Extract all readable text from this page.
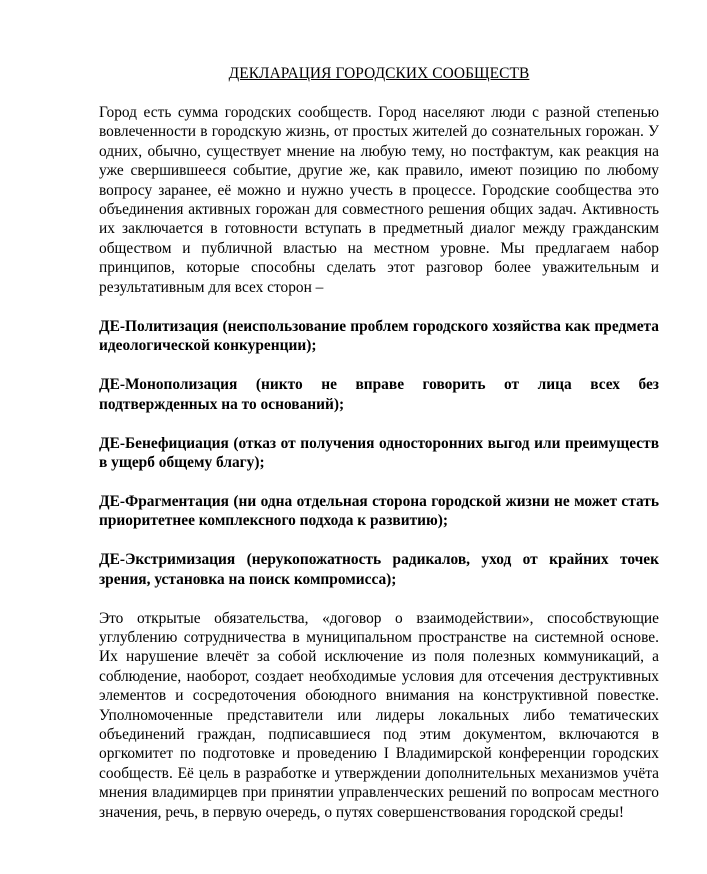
ДЕКЛАРАЦИЯ ГОРОДСКИХ СООБЩЕСТВ

Город есть сумма городских сообществ. Город населяют люди с разной степенью вовлеченности в городскую жизнь, от простых жителей до сознательных горожан. У одних, обычно, существует мнение на любую тему, но постфактум, как реакция на уже свершившееся событие, другие же, как правило, имеют позицию по любому вопросу заранее, её можно и нужно учесть в процессе. Городские сообщества это объединения активных горожан для совместного решения общих задач. Активность их заключается в готовности вступать в предметный диалог между гражданским обществом и публичной властью на местном уровне. Мы предлагаем набор принципов, которые способны сделать этот разговор более уважительным и результативным для всех сторон –

ДЕ-Политизация (неиспользование проблем городского хозяйства как предмета идеологической конкуренции);

ДЕ-Монополизация (никто не вправе говорить от лица всех без подтвержденных на то оснований);

ДЕ-Бенефициация (отказ от получения односторонних выгод или преимуществ в ущерб общему благу);

ДЕ-Фрагментация (ни одна отдельная сторона городской жизни не может стать приоритетнее комплексного подхода к развитию);

ДЕ-Экстримизация (нерукопожатность радикалов, уход от крайних точек зрения, установка на поиск компромисса);

Это открытые обязательства, «договор о взаимодействии», способствующие углублению сотрудничества в муниципальном пространстве на системной основе. Их нарушение влечёт за собой исключение из поля полезных коммуникаций, а соблюдение, наоборот, создает необходимые условия для отсечения деструктивных элементов и сосредоточения обоюдного внимания на конструктивной повестке. Уполномоченные представители или лидеры локальных либо тематических объединений граждан, подписавшиеся под этим документом, включаются в оргкомитет по подготовке и проведению I Владимирской конференции городских сообществ. Её цель в разработке и утверждении дополнительных механизмов учёта мнения владимирцев при принятии управленческих решений по вопросам местного значения, речь, в первую очередь, о путях совершенствования городской среды!
